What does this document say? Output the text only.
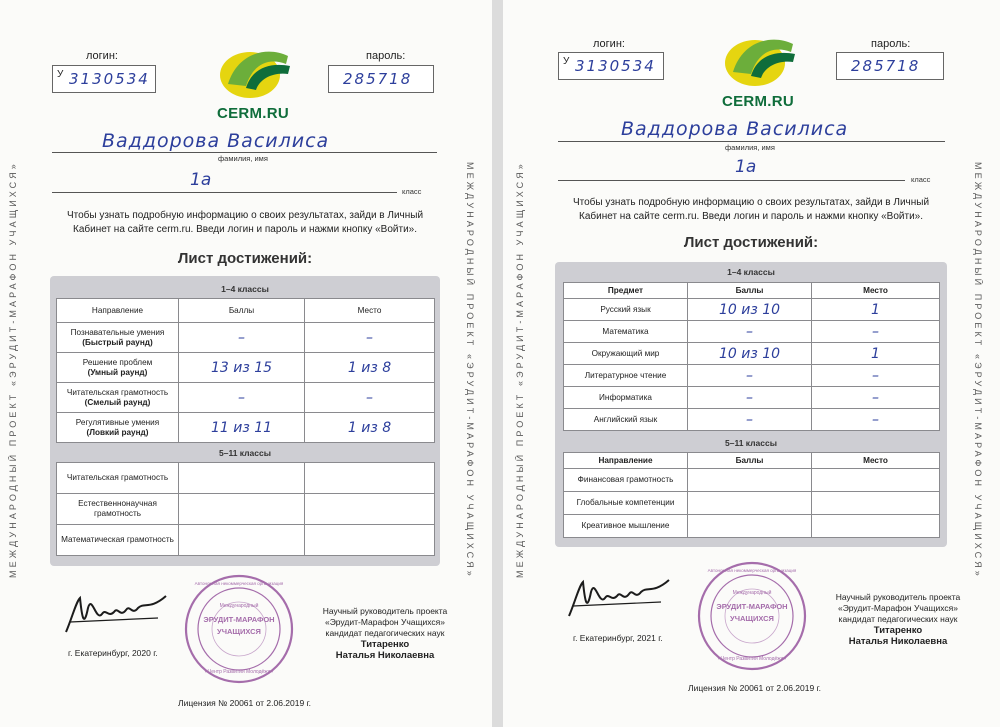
МЕЖДУНАРОДНЫЙ ПРОЕКТ «ЭРУДИТ-МАРАФОН УЧАЩИХСЯ»	МЕЖДУНАРОДНЫЙ ПРОЕКТ «ЭРУДИТ-МАРАФОН УЧАЩИХСЯ»
логин:
У 3130534
CERM.RU
пароль:
285718
Ваддорова Василиса
фамилия, имя
1а
класс
Чтобы узнать подробную информацию о своих результатах, зайди в Личный Кабинет на сайте cerm.ru. Введи логин и пароль и нажми кнопку «Войти».
Лист достижений:
1–4 классы
Направление	Баллы	Место

Познавательные умения
(Быстрый раунд)	–	–

Решение проблем
(Умный раунд)	13 из 15	1 из 8

Читательская грамотность
(Смелый раунд)	–	–

Регулятивные умения
(Ловкий раунд)	11 из 11	1 из 8
5–11 классы
Читательская грамотность		
Естественнонаучная грамотность		
Математическая грамотность		
г. Екатеринбург, 2020 г.
ЭРУДИТ-МАРАФОН
УЧАЩИХСЯ
Международный
Автономная некоммерческая организация
«Центр Развития Молодёжи»
Научный руководитель проекта
«Эрудит-Марафон Учащихся»
кандидат педагогических наук
Титаренко
Наталья Николаевна
Лицензия № 20061 от 2.06.2019 г.
МЕЖДУНАРОДНЫЙ ПРОЕКТ «ЭРУДИТ-МАРАФОН УЧАЩИХСЯ»	МЕЖДУНАРОДНЫЙ ПРОЕКТ «ЭРУДИТ-МАРАФОН УЧАЩИХСЯ»
логин:
У 3130534
CERM.RU
пароль:
285718
Ваддорова Василиса
фамилия, имя
1а
класс
Чтобы узнать подробную информацию о своих результатах, зайди в Личный Кабинет на сайте cerm.ru. Введи логин и пароль и нажми кнопку «Войти».
Лист достижений:
1–4 классы
Предмет	Баллы	Место
Русский язык	10 из 10	1
Математика	–	–
Окружающий мир	10 из 10	1
Литературное чтение	–	–
Информатика	–	–
Английский язык	–	–
5–11 классы
Направление	Баллы	Место
Финансовая грамотность		
Глобальные компетенции		
Креативное мышление		
г. Екатеринбург, 2021 г.
ЭРУДИТ-МАРАФОН
УЧАЩИХСЯ
Международный
Автономная некоммерческая организация
«Центр Развития Молодёжи»
Научный руководитель проекта
«Эрудит-Марафон Учащихся»
кандидат педагогических наук
Титаренко
Наталья Николаевна
Лицензия № 20061 от 2.06.2019 г.
